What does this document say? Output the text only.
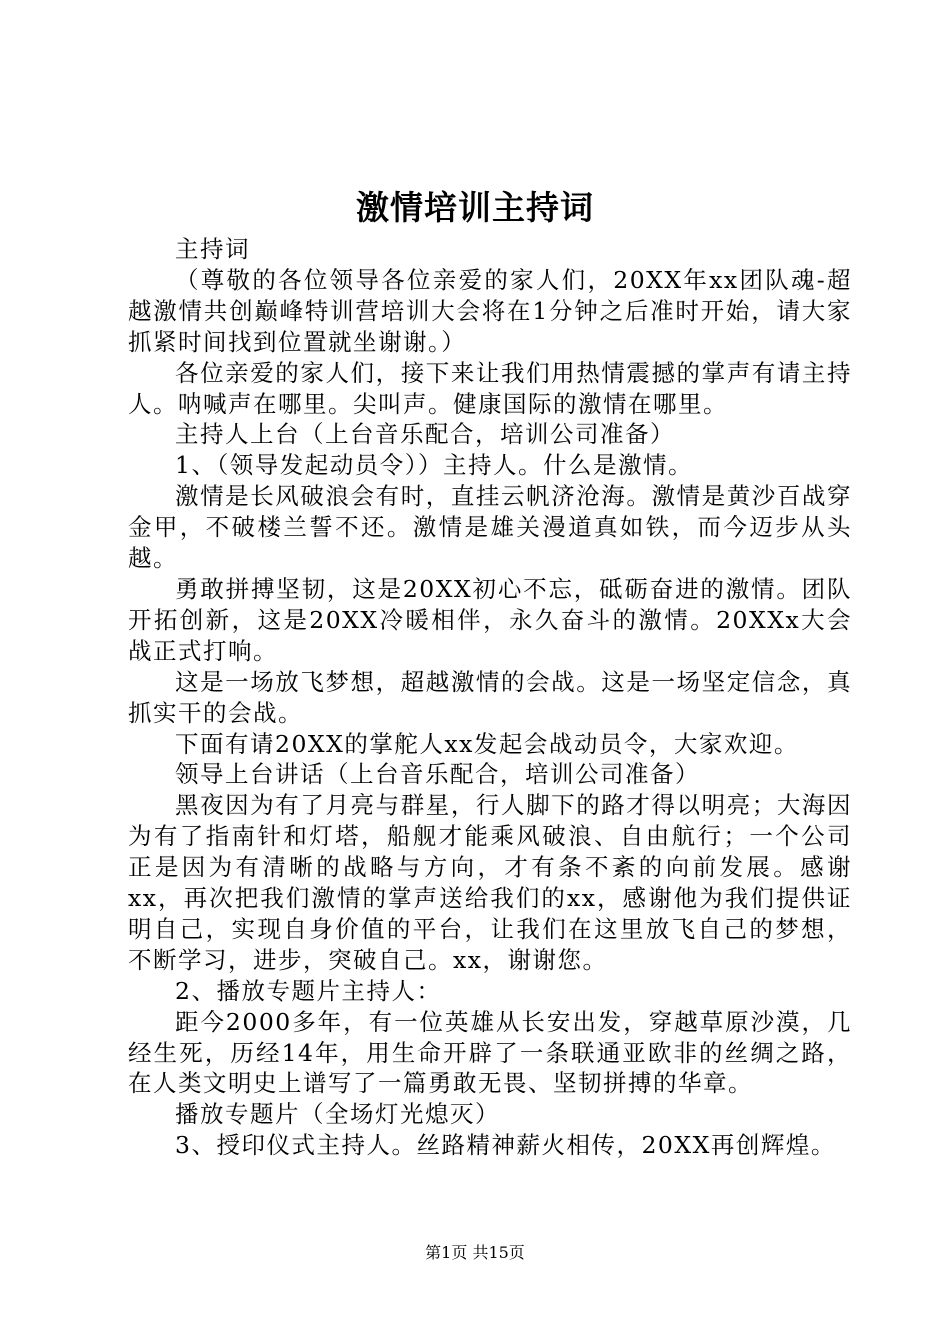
激情培训主持词

主持词

（尊敬的各位领导各位亲爱的家人们，20XX年xx团队魂-超越激情共创巅峰特训营培训大会将在1分钟之后准时开始，请大家抓紧时间找到位置就坐谢谢。）

各位亲爱的家人们，接下来让我们用热情震撼的掌声有请主持人。呐喊声在哪里。尖叫声。健康国际的激情在哪里。

主持人上台（上台音乐配合，培训公司准备）

1、（领导发起动员令））主持人。什么是激情。

激情是长风破浪会有时，直挂云帆济沧海。激情是黄沙百战穿金甲，不破楼兰誓不还。激情是雄关漫道真如铁，而今迈步从头越。

勇敢拼搏坚韧，这是20XX初心不忘，砥砺奋进的激情。团队开拓创新，这是20XX冷暖相伴，永久奋斗的激情。20XXx大会战正式打响。

这是一场放飞梦想，超越激情的会战。这是一场坚定信念，真抓实干的会战。

下面有请20XX的掌舵人xx发起会战动员令，大家欢迎。

领导上台讲话（上台音乐配合，培训公司准备）

黑夜因为有了月亮与群星，行人脚下的路才得以明亮；大海因为有了指南针和灯塔，船舰才能乘风破浪、自由航行；一个公司正是因为有清晰的战略与方向，才有条不紊的向前发展。感谢xx，再次把我们激情的掌声送给我们的xx，感谢他为我们提供证明自己，实现自身价值的平台，让我们在这里放飞自己的梦想，不断学习，进步，突破自己。xx，谢谢您。

2、播放专题片主持人：

距今2000多年，有一位英雄从长安出发，穿越草原沙漠，几经生死，历经14年，用生命开辟了一条联通亚欧非的丝绸之路，在人类文明史上谱写了一篇勇敢无畏、坚韧拼搏的华章。

播放专题片（全场灯光熄灭）

3、授印仪式主持人。丝路精神薪火相传，20XX再创辉煌。

第1页 共15页
